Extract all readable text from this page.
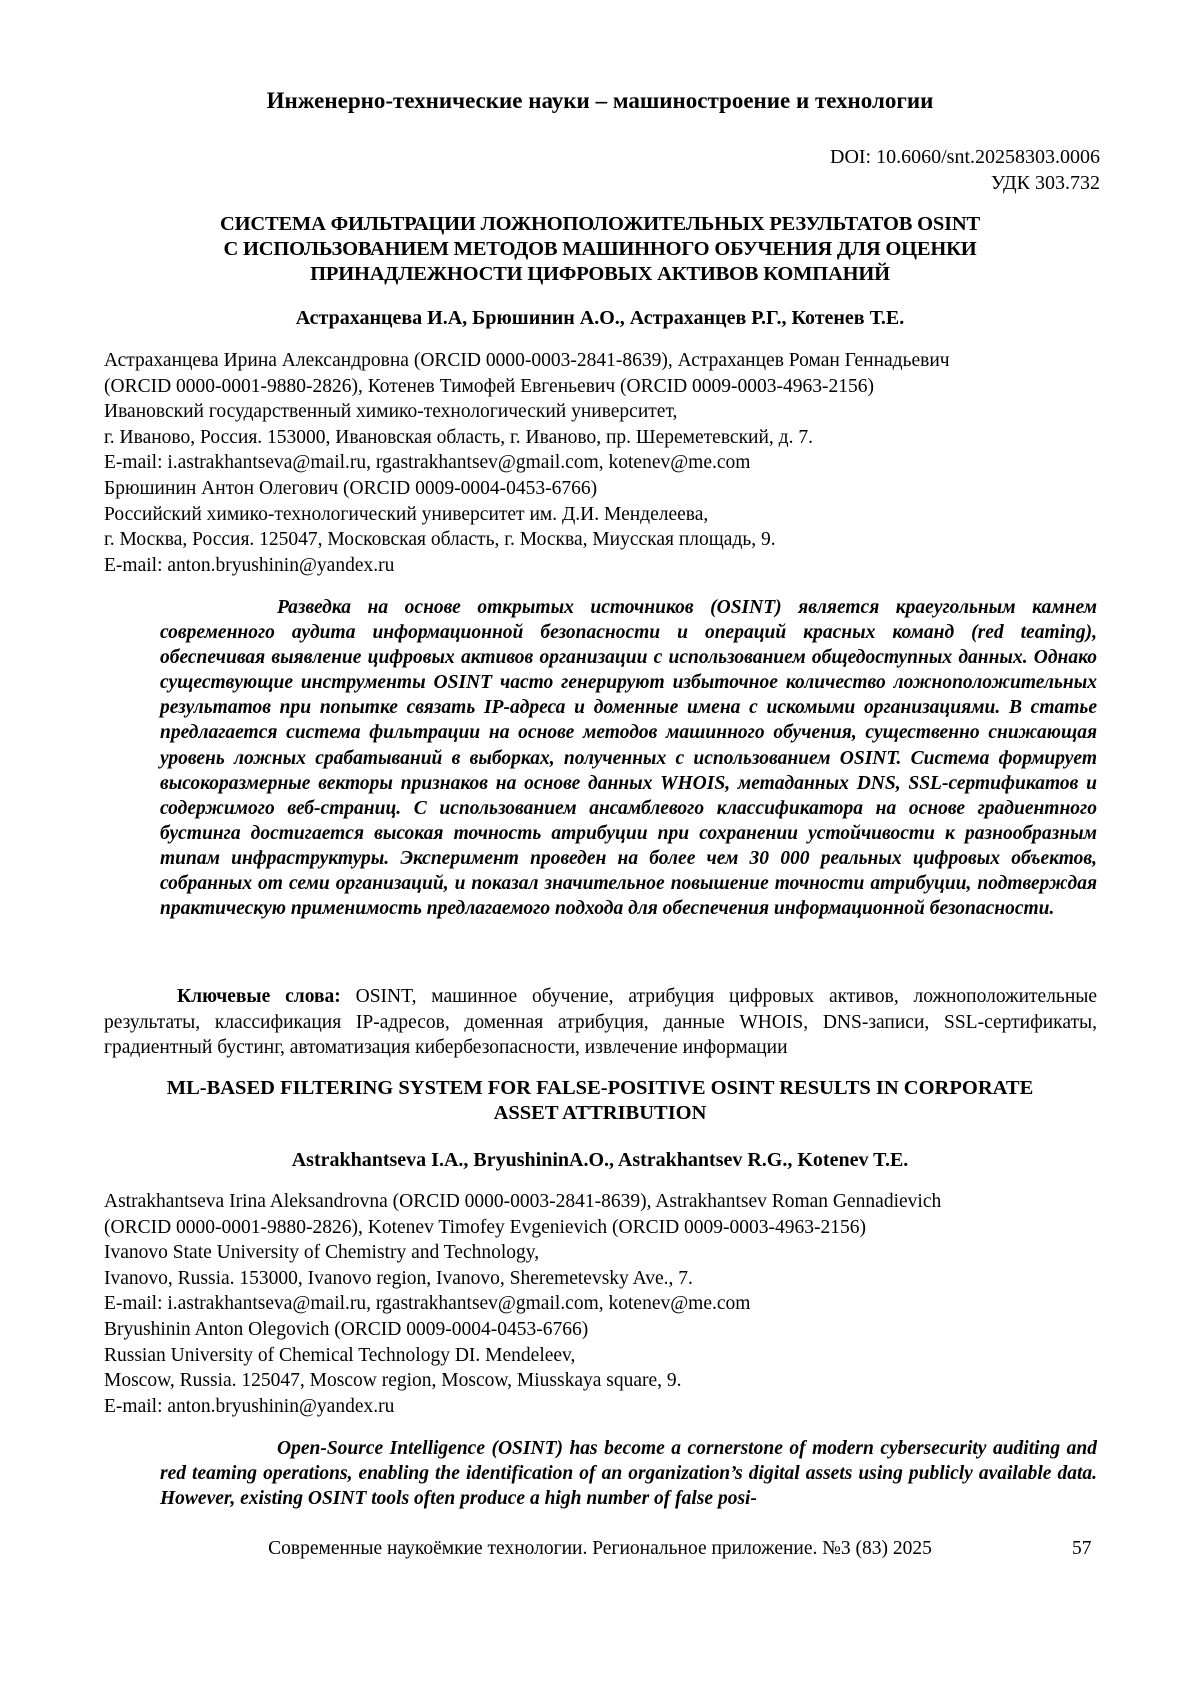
Инженерно-технические науки – машиностроение и технологии
DOI: 10.6060/snt.20258303.0006
УДК 303.732
СИСТЕМА ФИЛЬТРАЦИИ ЛОЖНОПОЛОЖИТЕЛЬНЫХ РЕЗУЛЬТАТОВ OSINT
С ИСПОЛЬЗОВАНИЕМ МЕТОДОВ МАШИННОГО ОБУЧЕНИЯ ДЛЯ ОЦЕНКИ
ПРИНАДЛЕЖНОСТИ ЦИФРОВЫХ АКТИВОВ КОМПАНИЙ
Астраханцева И.А, Брюшинин А.О., Астраханцев Р.Г., Котенев Т.Е.
Астраханцева Ирина Александровна (ORCID 0000-0003-2841-8639), Астраханцев Роман Геннадьевич
(ORCID 0000-0001-9880-2826), Котенев Тимофей Евгеньевич (ORCID 0009-0003-4963-2156)
Ивановский государственный химико-технологический университет,
г. Иваново, Россия. 153000, Ивановская область, г. Иваново, пр. Шереметевский, д. 7.
E-mail: i.astrakhantseva@mail.ru, rgastrakhantsev@gmail.com, kotenev@me.com
Брюшинин Антон Олегович (ORCID 0009-0004-0453-6766)
Российский химико-технологический университет им. Д.И. Менделеева,
г. Москва, Россия. 125047, Московская область, г. Москва, Миусская площадь, 9.
E-mail: anton.bryushinin@yandex.ru
Разведка на основе открытых источников (OSINT) является краеугольным камнем современного аудита информационной безопасности и операций красных команд (red teaming), обеспечивая выявление цифровых активов организации с использованием общедоступных данных. Однако существующие инструменты OSINT часто генерируют избыточное количество ложноположительных результатов при попытке связать IP-адреса и доменные имена с искомыми организациями. В статье предлагается система фильтрации на основе методов машинного обучения, существенно снижающая уровень ложных срабатываний в выборках, полученных с использованием OSINT. Система формирует высокоразмерные векторы признаков на основе данных WHOIS, метаданных DNS, SSL-сертификатов и содержимого веб-страниц. С использованием ансамблевого классификатора на основе градиентного бустинга достигается высокая точность атрибуции при сохранении устойчивости к разнообразным типам инфраструктуры. Эксперимент проведен на более чем 30 000 реальных цифровых объектов, собранных от семи организаций, и показал значительное повышение точности атрибуции, подтверждая практическую применимость предлагаемого подхода для обеспечения информационной безопасности.
Ключевые слова: OSINT, машинное обучение, атрибуция цифровых активов, ложноположительные результаты, классификация IP-адресов, доменная атрибуция, данные WHOIS, DNS-записи, SSL-сертификаты, градиентный бустинг, автоматизация кибербезопасности, извлечение информации
ML-BASED FILTERING SYSTEM FOR FALSE-POSITIVE OSINT RESULTS IN CORPORATE
ASSET ATTRIBUTION
Astrakhantseva I.A., BryushininA.O., Astrakhantsev R.G., Kotenev T.E.
Astrakhantseva Irina Aleksandrovna (ORCID 0000-0003-2841-8639), Astrakhantsev Roman Gennadievich
(ORCID 0000-0001-9880-2826), Kotenev Timofey Evgenievich (ORCID 0009-0003-4963-2156)
Ivanovo State University of Chemistry and Technology,
Ivanovo, Russia. 153000, Ivanovo region, Ivanovo, Sheremetevsky Ave., 7.
E-mail: i.astrakhantseva@mail.ru, rgastrakhantsev@gmail.com, kotenev@me.com
Bryushinin Anton Olegovich (ORCID 0009-0004-0453-6766)
Russian University of Chemical Technology DI. Mendeleev,
Moscow, Russia. 125047, Moscow region, Moscow, Miusskaya square, 9.
E-mail: anton.bryushinin@yandex.ru
Open-Source Intelligence (OSINT) has become a cornerstone of modern cybersecurity auditing and red teaming operations, enabling the identification of an organization’s digital assets using publicly available data. However, existing OSINT tools often produce a high number of false posi-
Современные наукоёмкие технологии. Региональное приложение. №3 (83) 2025	57
